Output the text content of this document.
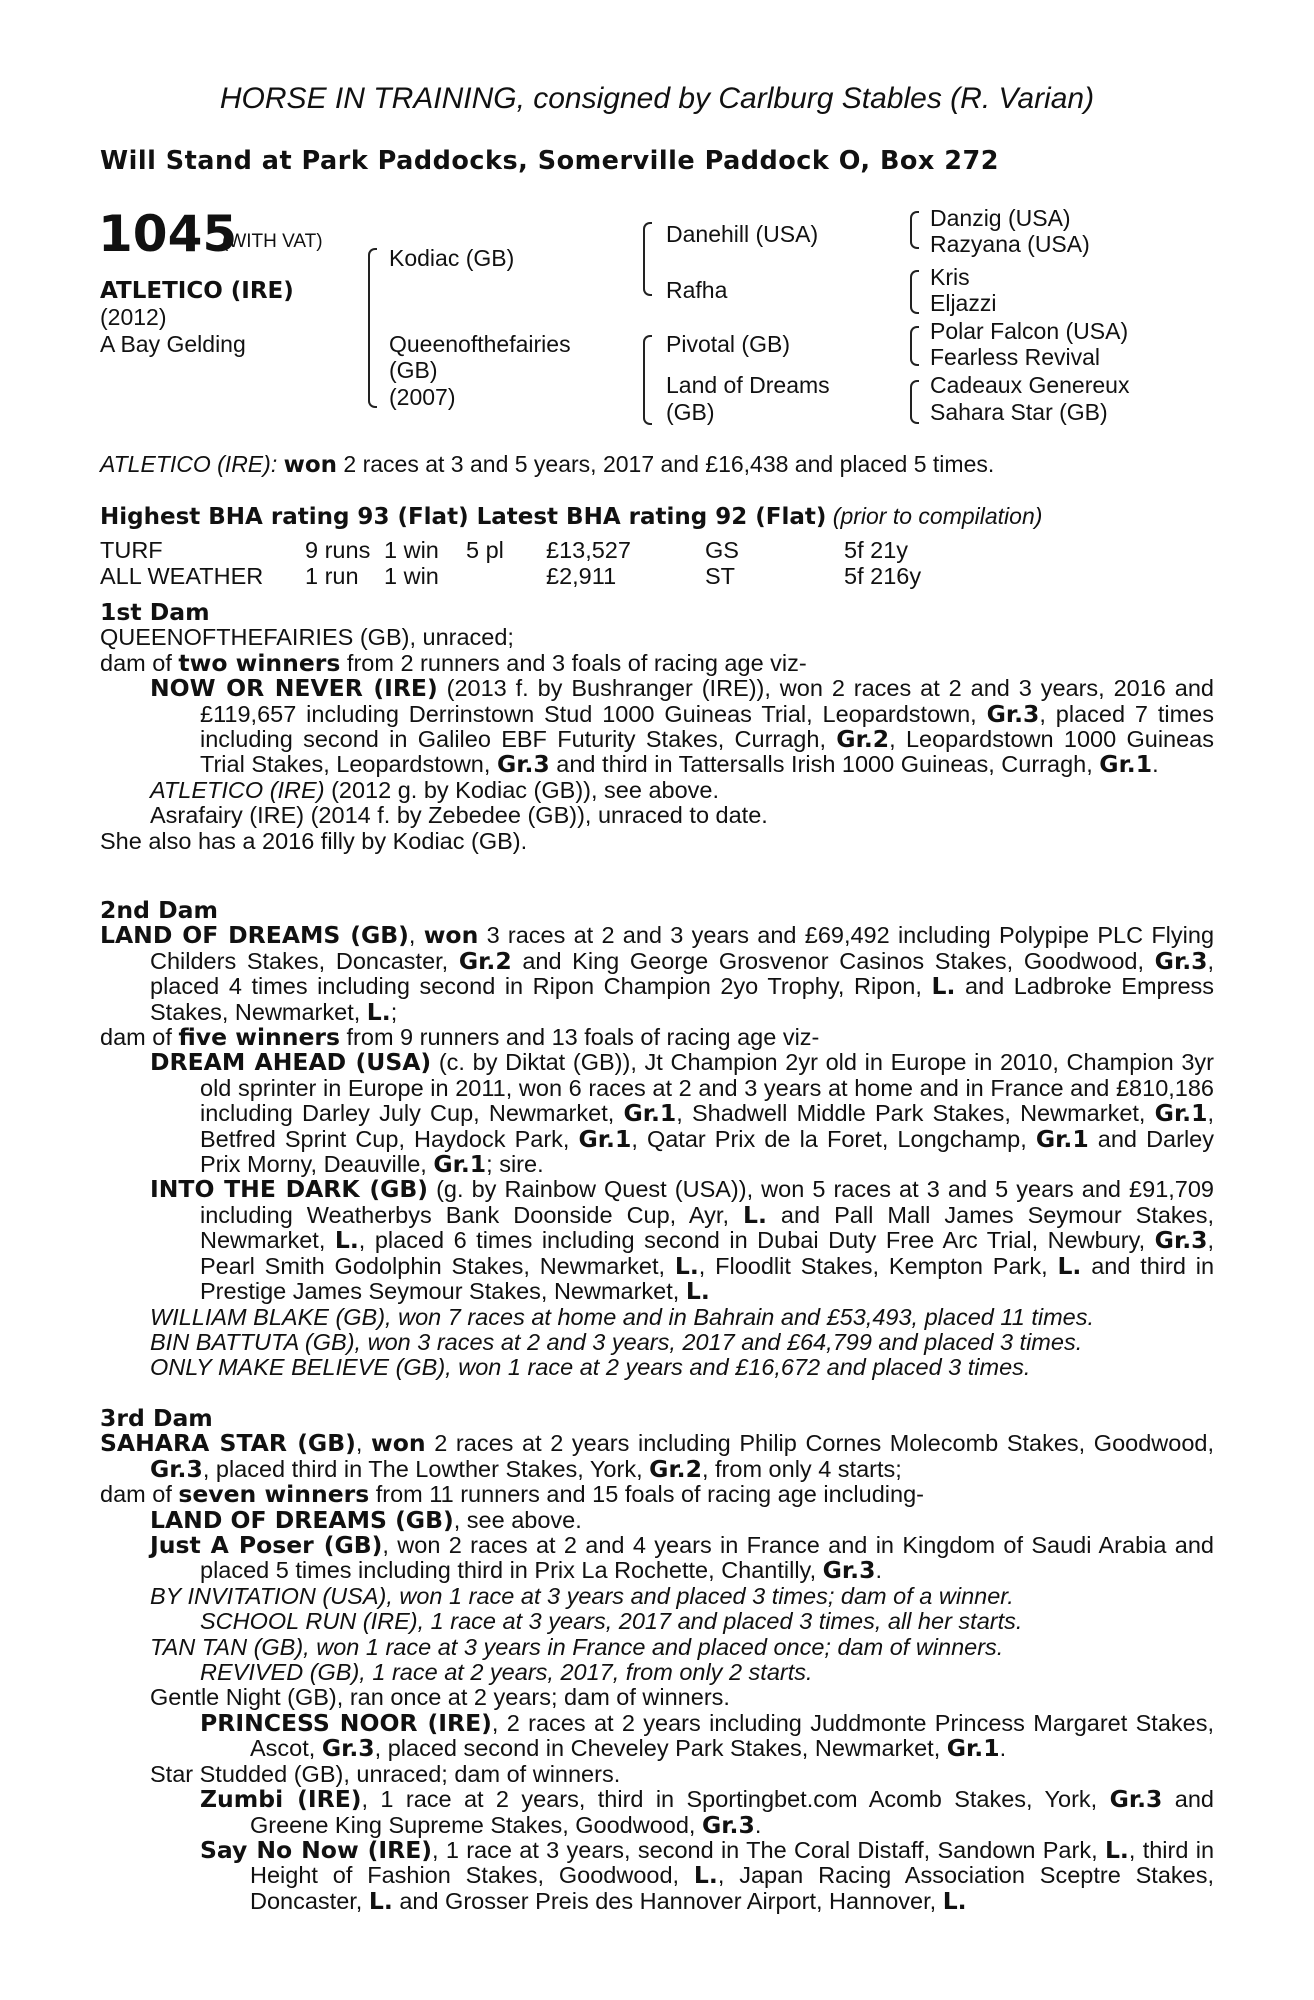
HORSE IN TRAINING, consigned by Carlburg Stables (R. Varian)
Will Stand at Park Paddocks, Somerville Paddock O, Box 272
1045
(WITH VAT)
ATLETICO (IRE)
(2012)
A Bay Gelding
Kodiac (GB)
Queenofthefairies
(GB)
(2007)
Danehill (USA)
Rafha
Pivotal (GB)
Land of Dreams
(GB)
Danzig (USA)
Razyana (USA)
Kris
Eljazzi
Polar Falcon (USA)
Fearless Revival
Cadeaux Genereux
Sahara Star (GB)
ATLETICO (IRE): won 2 races at 3 and 5 years, 2017 and £16,438 and placed 5 times.
Highest BHA rating 93 (Flat) Latest BHA rating 92 (Flat) (prior to compilation)
TURF	9 runs 1 win 5 pl £13,527	GS	5f 21y
ALL WEATHER 1 run 1 win	£2,911	ST	5f 216y

1st Dam

QUEENOFTHEFAIRIES (GB), unraced;

dam of two winners from 2 runners and 3 foals of racing age viz-

NOW OR NEVER (IRE) (2013 f. by Bushranger (IRE)), won 2 races at 2 and 3 years, 2016 and £119,657 including Derrinstown Stud 1000 Guineas Trial, Leopardstown, Gr.3, placed 7 times including second in Galileo EBF Futurity Stakes, Curragh, Gr.2, Leopardstown 1000 Guineas Trial Stakes, Leopardstown, Gr.3 and third in Tattersalls Irish 1000 Guineas, Curragh, Gr.1.

ATLETICO (IRE) (2012 g. by Kodiac (GB)), see above.

Asrafairy (IRE) (2014 f. by Zebedee (GB)), unraced to date.

She also has a 2016 filly by Kodiac (GB).

2nd Dam

LAND OF DREAMS (GB), won 3 races at 2 and 3 years and £69,492 including Polypipe PLC Flying Childers Stakes, Doncaster, Gr.2 and King George Grosvenor Casinos Stakes, Goodwood, Gr.3, placed 4 times including second in Ripon Champion 2yo Trophy, Ripon, L. and Ladbroke Empress Stakes, Newmarket, L.;

dam of five winners from 9 runners and 13 foals of racing age viz-

DREAM AHEAD (USA) (c. by Diktat (GB)), Jt Champion 2yr old in Europe in 2010, Champion 3yr old sprinter in Europe in 2011, won 6 races at 2 and 3 years at home and in France and £810,186 including Darley July Cup, Newmarket, Gr.1, Shadwell Middle Park Stakes, Newmarket, Gr.1, Betfred Sprint Cup, Haydock Park, Gr.1, Qatar Prix de la Foret, Longchamp, Gr.1 and Darley Prix Morny, Deauville, Gr.1; sire.

INTO THE DARK (GB) (g. by Rainbow Quest (USA)), won 5 races at 3 and 5 years and £91,709 including Weatherbys Bank Doonside Cup, Ayr, L. and Pall Mall James Seymour Stakes, Newmarket, L., placed 6 times including second in Dubai Duty Free Arc Trial, Newbury, Gr.3, Pearl Smith Godolphin Stakes, Newmarket, L., Floodlit Stakes, Kempton Park, L. and third in Prestige James Seymour Stakes, Newmarket, L.

WILLIAM BLAKE (GB), won 7 races at home and in Bahrain and £53,493, placed 11 times.

BIN BATTUTA (GB), won 3 races at 2 and 3 years, 2017 and £64,799 and placed 3 times.

ONLY MAKE BELIEVE (GB), won 1 race at 2 years and £16,672 and placed 3 times.

3rd Dam

SAHARA STAR (GB), won 2 races at 2 years including Philip Cornes Molecomb Stakes, Goodwood, Gr.3, placed third in The Lowther Stakes, York, Gr.2, from only 4 starts;

dam of seven winners from 11 runners and 15 foals of racing age including-

LAND OF DREAMS (GB), see above.

Just A Poser (GB), won 2 races at 2 and 4 years in France and in Kingdom of Saudi Arabia and placed 5 times including third in Prix La Rochette, Chantilly, Gr.3.

BY INVITATION (USA), won 1 race at 3 years and placed 3 times; dam of a winner.

SCHOOL RUN (IRE), 1 race at 3 years, 2017 and placed 3 times, all her starts.

TAN TAN (GB), won 1 race at 3 years in France and placed once; dam of winners.

REVIVED (GB), 1 race at 2 years, 2017, from only 2 starts.

Gentle Night (GB), ran once at 2 years; dam of winners.

PRINCESS NOOR (IRE), 2 races at 2 years including Juddmonte Princess Margaret Stakes, Ascot, Gr.3, placed second in Cheveley Park Stakes, Newmarket, Gr.1.

Star Studded (GB), unraced; dam of winners.

Zumbi (IRE), 1 race at 2 years, third in Sportingbet.com Acomb Stakes, York, Gr.3 and Greene King Supreme Stakes, Goodwood, Gr.3.

Say No Now (IRE), 1 race at 3 years, second in The Coral Distaff, Sandown Park, L., third in Height of Fashion Stakes, Goodwood, L., Japan Racing Association Sceptre Stakes, Doncaster, L. and Grosser Preis des Hannover Airport, Hannover, L.
